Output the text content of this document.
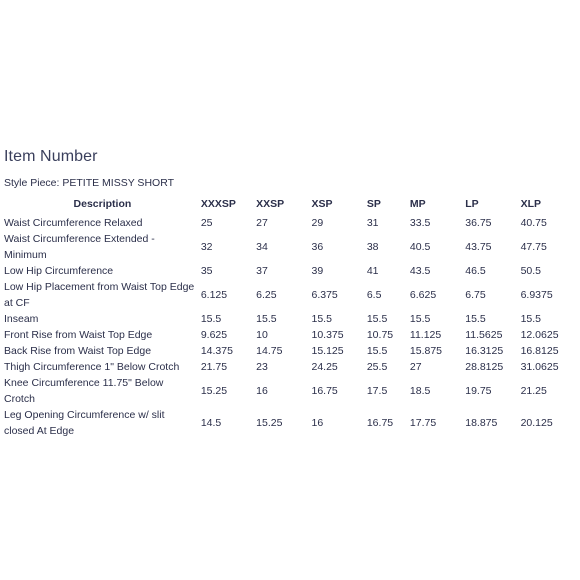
Item Number
Style Piece: PETITE MISSY SHORT
Description	XXXSP	XXSP	XSP	SP	MP	LP	XLP
Waist Circumference Relaxed	25	27	29	31	33.5	36.75	40.75
Waist Circumference Extended - Minimum	32	34	36	38	40.5	43.75	47.75
Low Hip Circumference	35	37	39	41	43.5	46.5	50.5
Low Hip Placement from Waist Top Edge at CF	6.125	6.25	6.375	6.5	6.625	6.75	6.9375
Inseam	15.5	15.5	15.5	15.5	15.5	15.5	15.5
Front Rise from Waist Top Edge	9.625	10	10.375	10.75	11.125	11.5625	12.0625
Back Rise from Waist Top Edge	14.375	14.75	15.125	15.5	15.875	16.3125	16.8125
Thigh Circumference 1" Below Crotch	21.75	23	24.25	25.5	27	28.8125	31.0625
Knee Circumference 11.75" Below Crotch	15.25	16	16.75	17.5	18.5	19.75	21.25
Leg Opening Circumference w/ slit closed At Edge	14.5	15.25	16	16.75	17.75	18.875	20.125
